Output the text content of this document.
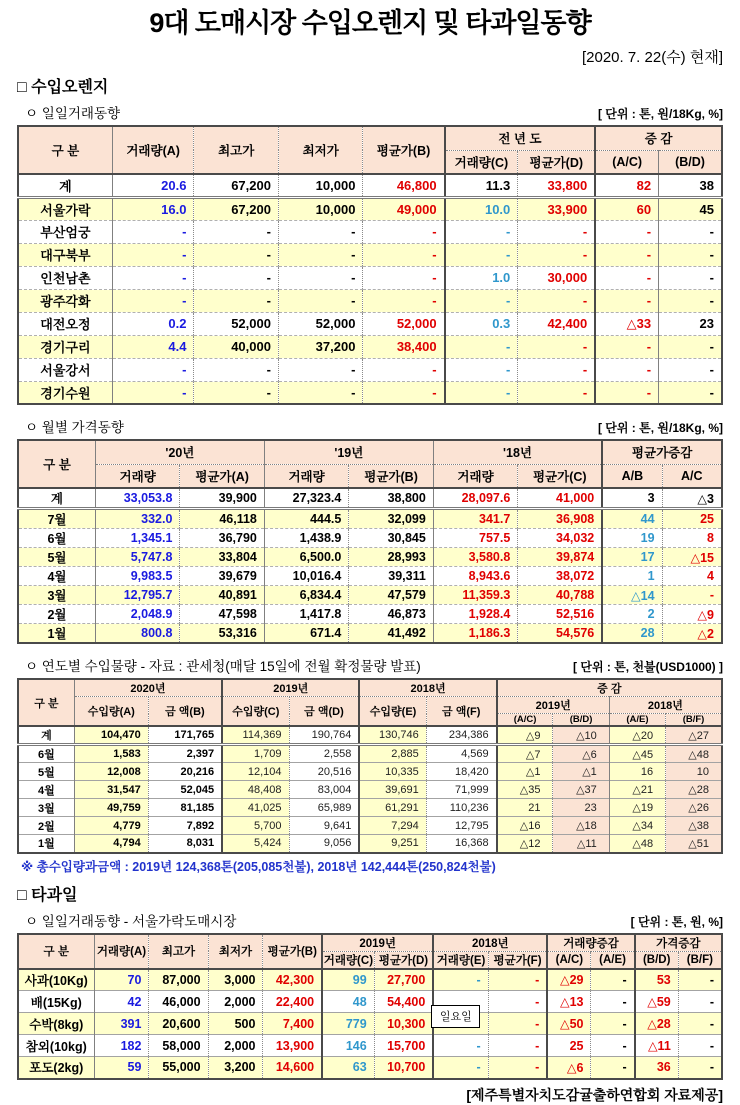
9대 도매시장 수입오렌지 및 타과일동향
[2020. 7. 22(수) 현재]
□ 수입오렌지
ㅇ 일일거래동향	[ 단위 : 톤, 원/18Kg, %]
구 분	거래량(A)	최고가	최저가	평균가(B)	전 년 도		증 감	
					거래량(C)	평균가(D)	(A/C)	(B/D)
계	20.6	67,200	10,000	46,800	11.3	33,800	82	38
서울가락	16.0	67,200	10,000	49,000	10.0	33,900	60	45
부산엄궁	-	-	-	-	-	-	-	-
대구북부	-	-	-	-	-	-	-	-
인천남촌	-	-	-	-	1.0	30,000	-	-
광주각화	-	-	-	-	-	-	-	-
대전오정	0.2	52,000	52,000	52,000	0.3	42,400	△33	23
경기구리	4.4	40,000	37,200	38,400	-	-	-	-
서울강서	-	-	-	-	-	-	-	-
경기수원	-	-	-	-	-	-	-	-
ㅇ 월별 가격동향	[ 단위 : 톤, 원/18Kg, %]
구 분	'20년		'19년		'18년		평균가증감	
	거래량	평균가(A)	거래량	평균가(B)	거래량	평균가(C)	A/B	A/C
계	33,053.8	39,900	27,323.4	38,800	28,097.6	41,000	3	△3
7월	332.0	46,118	444.5	32,099	341.7	36,908	44	25
6월	1,345.1	36,790	1,438.9	30,845	757.5	34,032	19	8
5월	5,747.8	33,804	6,500.0	28,993	3,580.8	39,874	17	△15
4월	9,983.5	39,679	10,016.4	39,311	8,943.6	38,072	1	4
3월	12,795.7	40,891	6,834.4	47,579	11,359.3	40,788	△14	-
2월	2,048.9	47,598	1,417.8	46,873	1,928.4	52,516	2	△9
1월	800.8	53,316	671.4	41,492	1,186.3	54,576	28	△2
ㅇ 연도별 수입물량 - 자료 : 관세청(매달 15일에 전월 확정물량 발표)	[ 단위 : 톤, 천불(USD1000) ]
구 분	2020년		2019년		2018년		증 감			
	수입량(A)	금 액(B)	수입량(C)	금 액(D)	수입량(E)	금 액(F)	2019년		2018년	
							(A/C)	(B/D)	(A/E)	(B/F)
계	104,470	171,765	114,369	190,764	130,746	234,386	△9	△10	△20	△27
6월	1,583	2,397	1,709	2,558	2,885	4,569	△7	△6	△45	△48
5월	12,008	20,216	12,104	20,516	10,335	18,420	△1	△1	16	10
4월	31,547	52,045	48,408	83,004	39,691	71,999	△35	△37	△21	△28
3월	49,759	81,185	41,025	65,989	61,291	110,236	21	23	△19	△26
2월	4,779	7,892	5,700	9,641	7,294	12,795	△16	△18	△34	△38
1월	4,794	8,031	5,424	9,056	9,251	16,368	△12	△11	△48	△51
※ 총수입량과금액 : 2019년 124,368톤(205,085천불), 2018년 142,444톤(250,824천불)
□ 타과일
ㅇ 일일거래동향 - 서울가락도매시장	[ 단위 : 톤, 원, %]
구 분	거래량(A)	최고가	최저가	평균가(B)	2019년		2018년		거래량증감		가격증감	
					거래량(C)	평균가(D)	거래량(E)	평균가(F)	(A/C)	(A/E)	(B/D)	(B/F)
사과(10Kg)	70	87,000	3,000	42,300	99	27,700	-	-	△29	-	53	-
배(15Kg)	42	46,000	2,000	22,400	48	54,400		-	△13	-	△59	-
수박(8kg)	391	20,600	500	7,400	779	10,300		-	△50	-	△28	-
참외(10kg)	182	58,000	2,000	13,900	146	15,700	-	-	25	-	△11	-
포도(2kg)	59	55,000	3,200	14,600	63	10,700	-	-	△6	-	36	-
일요일
[제주특별자치도감귤출하연합회 자료제공]
